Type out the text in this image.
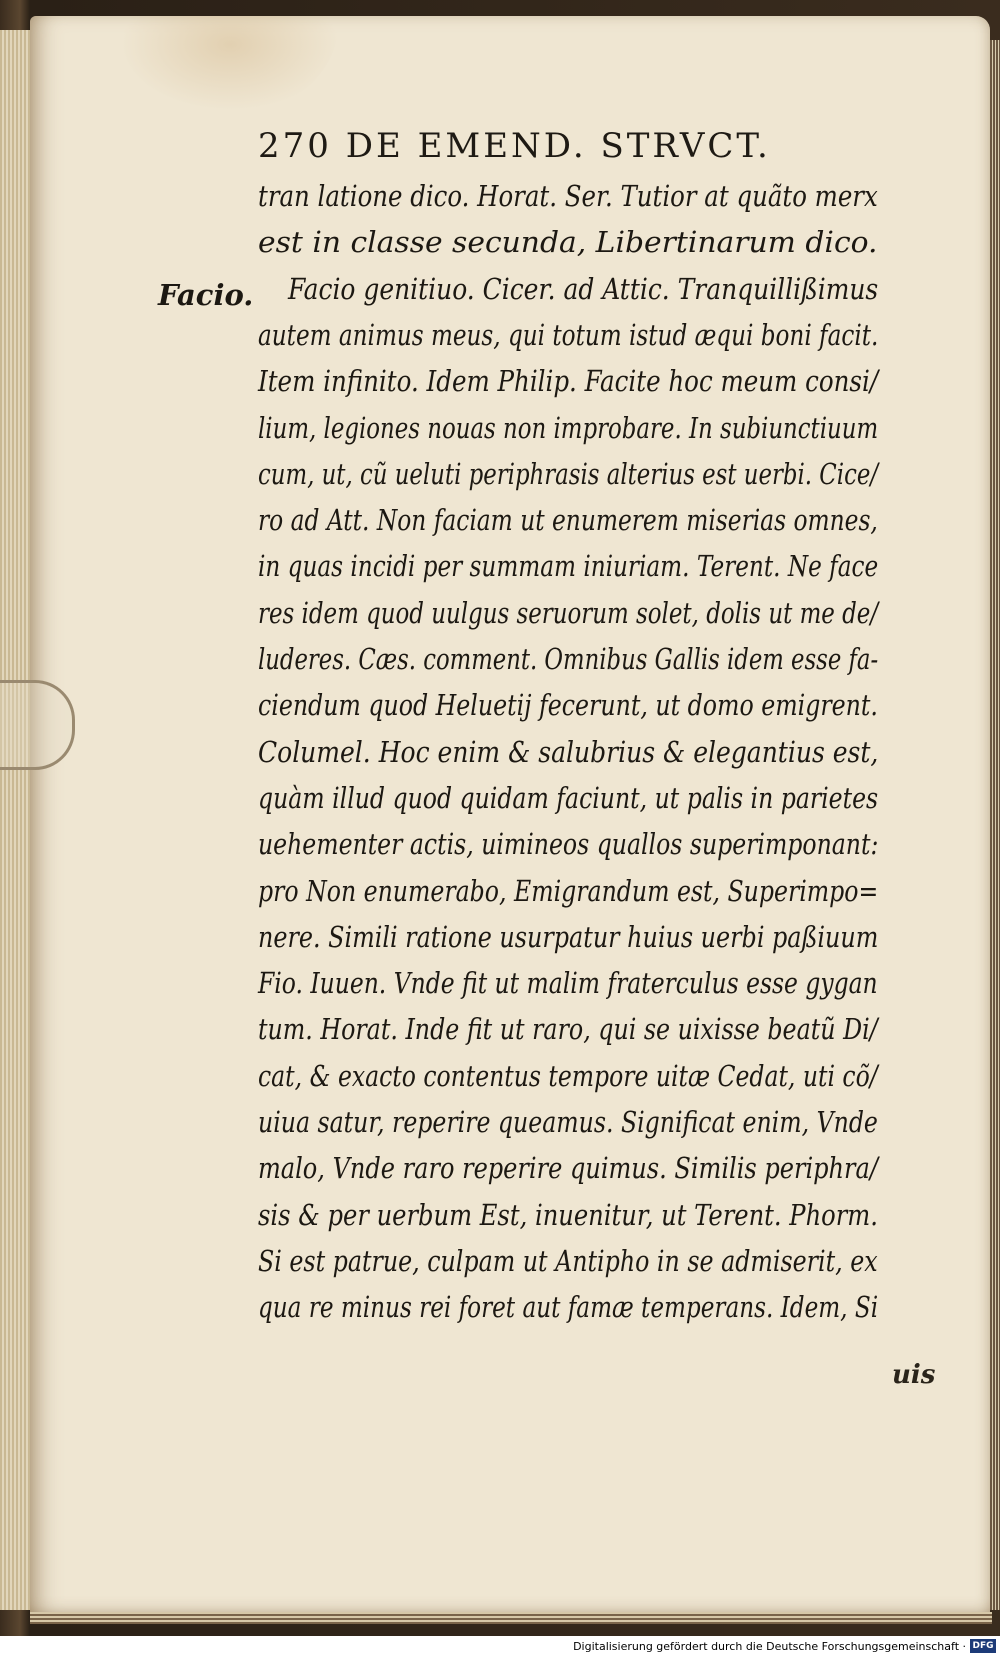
270 DE EMEND. STRVCT.
Facio.
tran latione dico. Horat. Ser. Tutior at quãto merx
est in classe secunda, Libertinarum dico.
Facio genitiuo. Cicer. ad Attic. Tranquillißimus
autem animus meus, qui totum istud æqui boni facit.
Item infinito. Idem Philip. Facite hoc meum consi/
lium, legiones nouas non improbare. In subiunctiuum
cum, ut, cũ ueluti periphrasis alterius est uerbi. Cice/
ro ad Att. Non faciam ut enumerem miserias omnes,
in quas incidi per summam iniuriam. Terent. Ne face
res idem quod uulgus seruorum solet, dolis ut me de/
luderes. Cæs. comment. Omnibus Gallis idem esse fa-
ciendum quod Heluetij fecerunt, ut domo emigrent.
Columel. Hoc enim & salubrius & elegantius est,
quàm illud quod quidam faciunt, ut palis in parietes
uehementer actis, uimineos quallos superimponant:
pro Non enumerabo, Emigrandum est, Superimpo=
nere. Simili ratione usurpatur huius uerbi paßiuum
Fio. Iuuen. Vnde fit ut malim fraterculus esse gygan
tum. Horat. Inde fit ut raro, qui se uixisse beatũ Di/
cat, & exacto contentus tempore uitæ Cedat, uti cõ/
uiua satur, reperire queamus. Significat enim, Vnde
malo, Vnde raro reperire quimus. Similis periphra/
sis & per uerbum Est, inuenitur, ut Terent. Phorm.
Si est patrue, culpam ut Antipho in se admiserit, ex
qua re minus rei foret aut famæ temperans. Idem, Si
uis
Digitalisierung gefördert durch die Deutsche Forschungsgemeinschaft · DFG
